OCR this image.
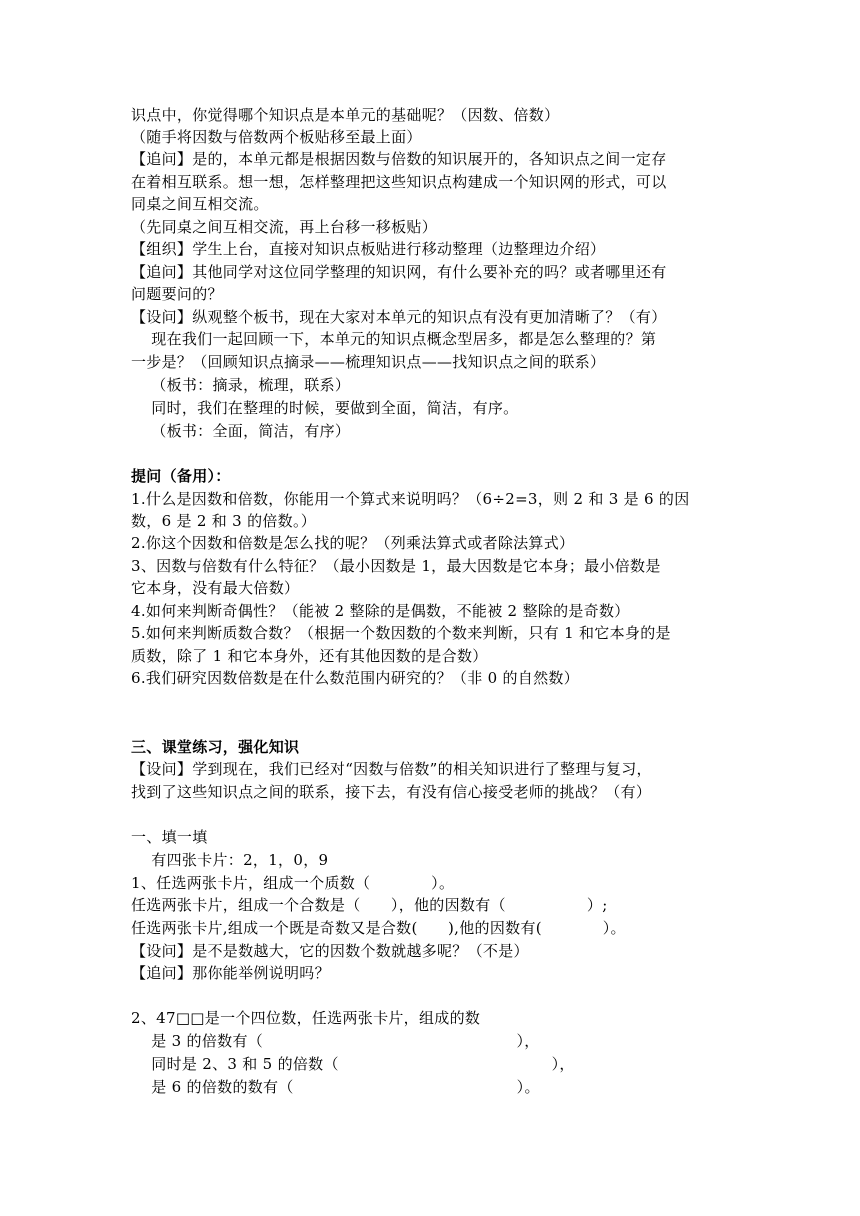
识点中，你觉得哪个知识点是本单元的基础呢？（因数、倍数）
（随手将因数与倍数两个板贴移至最上面）
【追问】是的，本单元都是根据因数与倍数的知识展开的，各知识点之间一定存
在着相互联系。想一想，怎样整理把这些知识点构建成一个知识网的形式，可以
同桌之间互相交流。
（先同桌之间互相交流，再上台移一移板贴）
【组织】学生上台，直接对知识点板贴进行移动整理（边整理边介绍）
【追问】其他同学对这位同学整理的知识网，有什么要补充的吗？或者哪里还有
问题要问的？
【设问】纵观整个板书，现在大家对本单元的知识点有没有更加清晰了？（有）
现在我们一起回顾一下，本单元的知识点概念型居多，都是怎么整理的？第
一步是？（回顾知识点摘录——梳理知识点——找知识点之间的联系）
（板书：摘录，梳理，联系）
同时，我们在整理的时候，要做到全面，简洁，有序。
（板书：全面，简洁，有序）
提问（备用）：
1.什么是因数和倍数，你能用一个算式来说明吗？（6÷2=3，则 2 和 3 是 6 的因
数，6 是 2 和 3 的倍数。）
2.你这个因数和倍数是怎么找的呢？（列乘法算式或者除法算式）
3、因数与倍数有什么特征？（最小因数是 1，最大因数是它本身；最小倍数是
它本身，没有最大倍数）
4.如何来判断奇偶性？（能被 2 整除的是偶数，不能被 2 整除的是奇数）
5.如何来判断质数合数？（根据一个数因数的个数来判断，只有 1 和它本身的是
质数，除了 1 和它本身外，还有其他因数的是合数）
6.我们研究因数倍数是在什么数范围内研究的？（非 0 的自然数）
三、课堂练习，强化知识
【设问】学到现在，我们已经对“因数与倍数”的相关知识进行了整理与复习，
找到了这些知识点之间的联系，接下去，有没有信心接受老师的挑战？（有）
一、填一填
有四张卡片：2，1，0，9
1、任选两张卡片，组成一个质数（            ）。
任选两张卡片，组成一个合数是（      ），他的因数有（                ）;
任选两张卡片,组成一个既是奇数又是合数(      ),他的因数有(            ）。
【设问】是不是数越大，它的因数个数就越多呢？（不是）
【追问】那你能举例说明吗？
2、47□□是一个四位数，任选两张卡片，组成的数
是 3 的倍数有（                                                  ），
同时是 2、3 和 5 的倍数（                                          ），
是 6 的倍数的数有（                                            ）。
